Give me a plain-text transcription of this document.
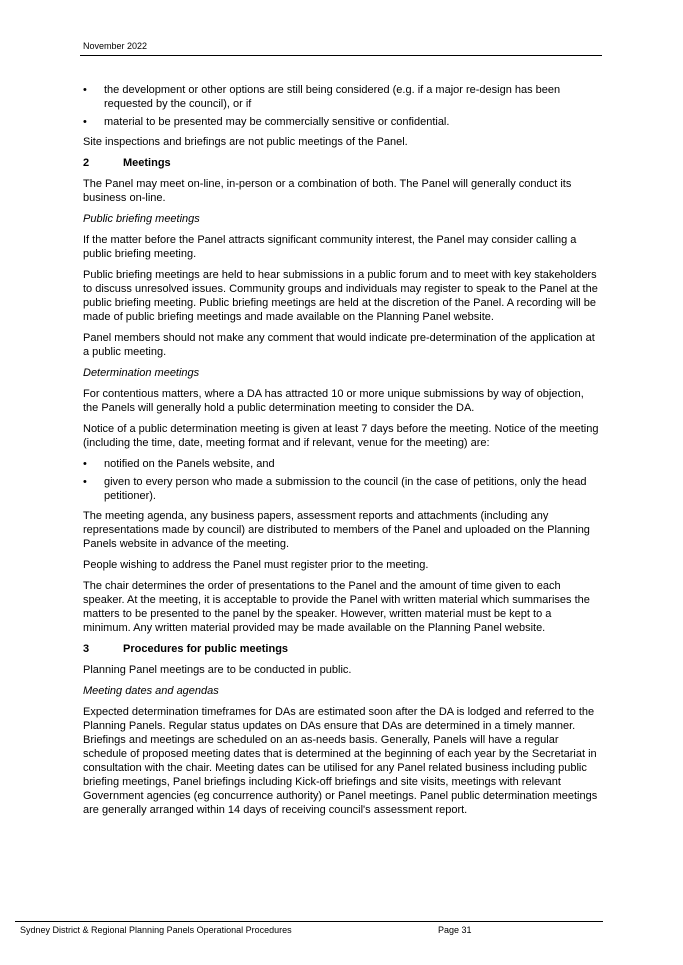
November 2022
• the development or other options are still being considered (e.g. if a major re-design has been requested by the council), or if
• material to be presented may be commercially sensitive or confidential.

Site inspections and briefings are not public meetings of the Panel.

2	Meetings

The Panel may meet on-line, in-person or a combination of both. The Panel will generally conduct its business on-line.

Public briefing meetings

If the matter before the Panel attracts significant community interest, the Panel may consider calling a public briefing meeting.

Public briefing meetings are held to hear submissions in a public forum and to meet with key stakeholders to discuss unresolved issues. Community groups and individuals may register to speak to the Panel at the public briefing meeting. Public briefing meetings are held at the discretion of the Panel. A recording will be made of public briefing meetings and made available on the Planning Panel website.

Panel members should not make any comment that would indicate pre-determination of the application at a public meeting.

Determination meetings

For contentious matters, where a DA has attracted 10 or more unique submissions by way of objection, the Panels will generally hold a public determination meeting to consider the DA.

Notice of a public determination meeting is given at least 7 days before the meeting. Notice of the meeting (including the time, date, meeting format and if relevant, venue for the meeting) are:

• notified on the Panels website, and
• given to every person who made a submission to the council (in the case of petitions, only the head petitioner).

The meeting agenda, any business papers, assessment reports and attachments (including any representations made by council) are distributed to members of the Panel and uploaded on the Planning Panels website in advance of the meeting.

People wishing to address the Panel must register prior to the meeting.

The chair determines the order of presentations to the Panel and the amount of time given to each speaker. At the meeting, it is acceptable to provide the Panel with written material which summarises the matters to be presented to the panel by the speaker. However, written material must be kept to a minimum. Any written material provided may be made available on the Planning Panel website.

3	Procedures for public meetings

Planning Panel meetings are to be conducted in public.

Meeting dates and agendas

Expected determination timeframes for DAs are estimated soon after the DA is lodged and referred to the Planning Panels. Regular status updates on DAs ensure that DAs are determined in a timely manner. Briefings and meetings are scheduled on an as-needs basis. Generally, Panels will have a regular schedule of proposed meeting dates that is determined at the beginning of each year by the Secretariat in consultation with the chair. Meeting dates can be utilised for any Panel related business including public briefing meetings, Panel briefings including Kick-off briefings and site visits, meetings with relevant Government agencies (eg concurrence authority) or Panel meetings. Panel public determination meetings are generally arranged within 14 days of receiving council's assessment report.

Sydney District & Regional Planning Panels Operational Procedures	Page 31
